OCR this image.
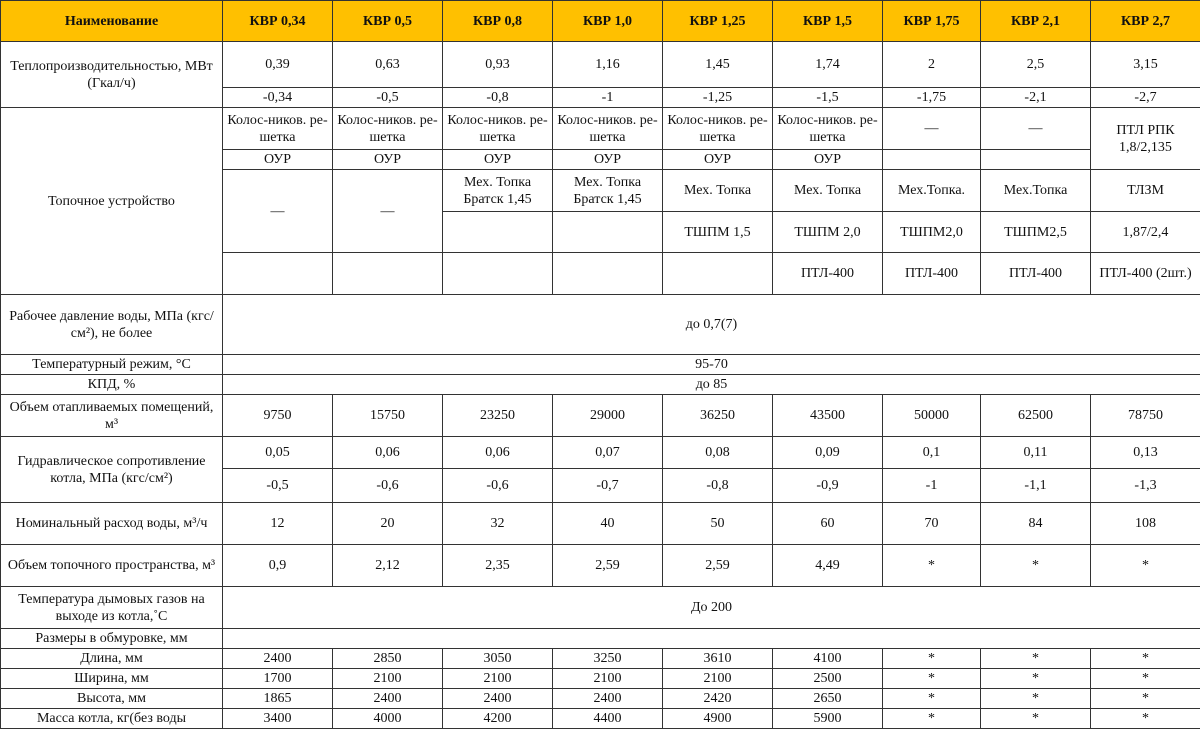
Наименование	КВР 0,34	КВР 0,5	КВР 0,8	КВР 1,0	КВР 1,25	КВР 1,5	КВР 1,75	КВР 2,1	КВР 2,7
Теплопроизводительностью, МВт (Гкал/ч)	0,39	0,63	0,93	1,16	1,45	1,74	2	2,5	3,15
	-0,34	-0,5	-0,8	-1	-1,25	-1,5	-1,75	-2,1	-2,7
Топочное устройство	Колос-ников. ре-шетка	Колос-ников. ре-шетка	Колос-ников. ре-шетка	Колос-ников. ре-шетка	Колос-ников. ре-шетка	Колос-ников. ре-шетка	—	—	ПТЛ РПК 1,8/2,135
	ОУР	ОУР	ОУР	ОУР	ОУР	ОУР			
	—	—	Мех. Топка Братск 1,45	Мех. Топка Братск 1,45	Мех. Топка	Мех. Топка	Мех.Топка.	Мех.Топка	ТЛЗМ
					ТШПМ 1,5	ТШПМ 2,0	ТШПМ2,0	ТШПМ2,5	1,87/2,4
						ПТЛ-400	ПТЛ-400	ПТЛ-400	ПТЛ-400 (2шт.)
Рабочее давление воды, МПа (кгс/см²), не более	до 0,7(7)								
Температурный режим, °С	95-70								
КПД, %	до 85								
Объем отапливаемых помещений, м³	9750	15750	23250	29000	36250	43500	50000	62500	78750
Гидравлическое сопротивление котла, МПа (кгс/см²)	0,05	0,06	0,06	0,07	0,08	0,09	0,1	0,11	0,13
	-0,5	-0,6	-0,6	-0,7	-0,8	-0,9	-1	-1,1	-1,3
Номинальный расход воды, м³/ч	12	20	32	40	50	60	70	84	108
Объем топочного пространства, м³	0,9	2,12	2,35	2,59	2,59	4,49	*	*	*
Температура дымовых газов на выходе из котла,˚С	До 200								
Размеры в обмуровке, мм									
Длина, мм	2400	2850	3050	3250	3610	4100	*	*	*
Ширина, мм	1700	2100	2100	2100	2100	2500	*	*	*
Высота, мм	1865	2400	2400	2400	2420	2650	*	*	*
Масса котла, кг(без воды	3400	4000	4200	4400	4900	5900	*	*	*
